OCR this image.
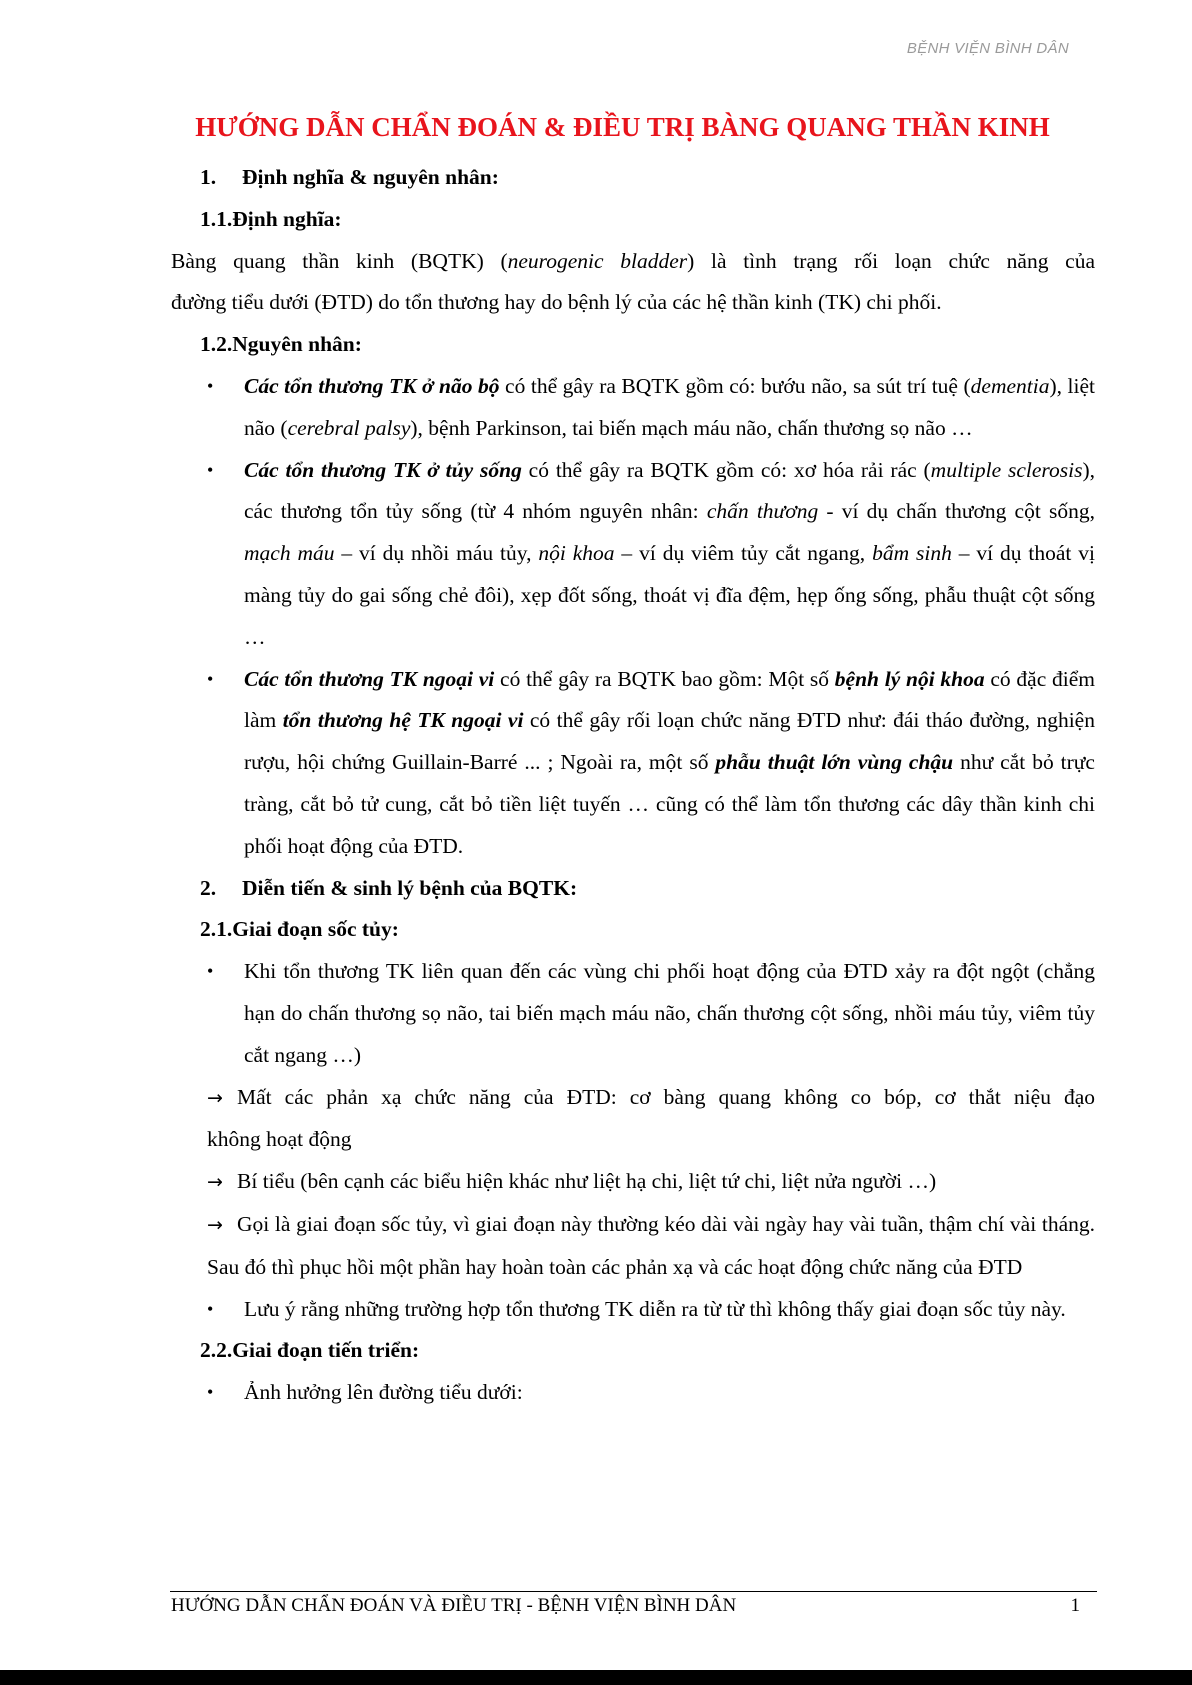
BỆNH VIỆN BÌNH DÂN
HƯỚNG DẪN CHẨN ĐOÁN & ĐIỀU TRỊ BÀNG QUANG THẦN KINH
1. Định nghĩa & nguyên nhân:
1.1.Định nghĩa:
Bàng quang thần kinh (BQTK) (neurogenic bladder) là tình trạng rối loạn chức năng của
đường tiểu dưới (ĐTD) do tổn thương hay do bệnh lý của các hệ thần kinh (TK) chi phối.
1.2.Nguyên nhân:
• Các tổn thương TK ở não bộ có thể gây ra BQTK gồm có: bướu não, sa sút trí tuệ (dementia), liệt não (cerebral palsy), bệnh Parkinson, tai biến mạch máu não, chấn thương sọ não …
• Các tổn thương TK ở tủy sống có thể gây ra BQTK gồm có: xơ hóa rải rác (multiple sclerosis), các thương tổn tủy sống (từ 4 nhóm nguyên nhân: chấn thương - ví dụ chấn thương cột sống, mạch máu – ví dụ nhồi máu tủy, nội khoa – ví dụ viêm tủy cắt ngang, bẩm sinh – ví dụ thoát vị màng tủy do gai sống chẻ đôi), xẹp đốt sống, thoát vị đĩa đệm, hẹp ống sống, phẫu thuật cột sống …
• Các tổn thương TK ngoại vi có thể gây ra BQTK bao gồm: Một số bệnh lý nội khoa có đặc điểm làm tổn thương hệ TK ngoại vi có thể gây rối loạn chức năng ĐTD như: đái tháo đường, nghiện rượu, hội chứng Guillain-Barré ... ; Ngoài ra, một số phẫu thuật lớn vùng chậu như cắt bỏ trực tràng, cắt bỏ tử cung, cắt bỏ tiền liệt tuyến … cũng có thể làm tổn thương các dây thần kinh chi phối hoạt động của ĐTD.
2. Diễn tiến & sinh lý bệnh của BQTK:
2.1.Giai đoạn sốc tủy:
• Khi tổn thương TK liên quan đến các vùng chi phối hoạt động của ĐTD xảy ra đột ngột (chẳng hạn do chấn thương sọ não, tai biến mạch máu não, chấn thương cột sống, nhồi máu tủy, viêm tủy cắt ngang …)
→ Mất các phản xạ chức năng của ĐTD: cơ bàng quang không co bóp, cơ thắt niệu đạo
không hoạt động
→ Bí tiểu (bên cạnh các biểu hiện khác như liệt hạ chi, liệt tứ chi, liệt nửa người …)
→ Gọi là giai đoạn sốc tủy, vì giai đoạn này thường kéo dài vài ngày hay vài tuần, thậm chí vài tháng. Sau đó thì phục hồi một phần hay hoàn toàn các phản xạ và các hoạt động chức năng của ĐTD
• Lưu ý rằng những trường hợp tổn thương TK diễn ra từ từ thì không thấy giai đoạn sốc tủy này.
2.2.Giai đoạn tiến triển:
• Ảnh hưởng lên đường tiểu dưới:
HƯỚNG DẪN CHẨN ĐOÁN VÀ ĐIỀU TRỊ - BỆNH VIỆN BÌNH DÂN	1
